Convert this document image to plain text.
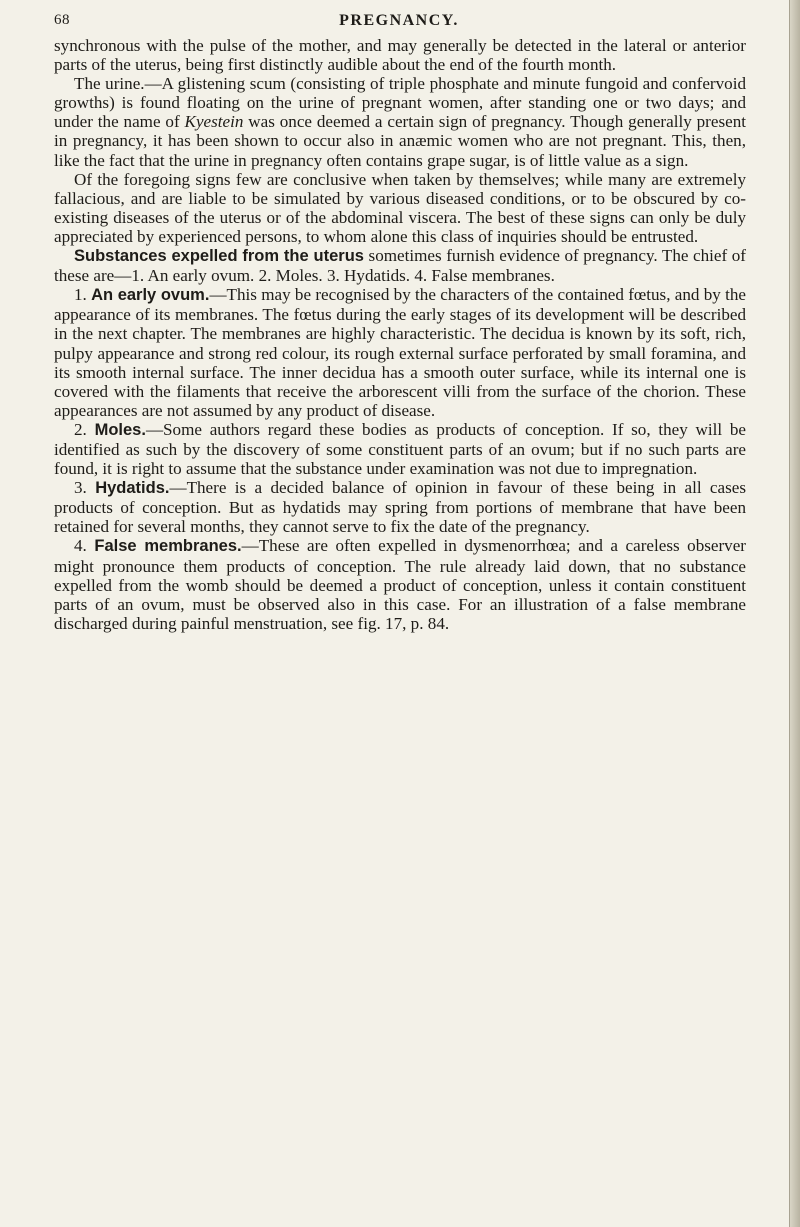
68	PREGNANCY.

synchronous with the pulse of the mother, and may generally be detected in the lateral or anterior parts of the uterus, being first distinctly audible about the end of the fourth month.

The urine.—A glistening scum (consisting of triple phosphate and minute fungoid and confervoid growths) is found floating on the urine of pregnant women, after standing one or two days; and under the name of Kyestein was once deemed a certain sign of pregnancy. Though generally present in pregnancy, it has been shown to occur also in anæmic women who are not pregnant. This, then, like the fact that the urine in pregnancy often contains grape sugar, is of little value as a sign.

Of the foregoing signs few are conclusive when taken by themselves; while many are extremely fallacious, and are liable to be simulated by various diseased conditions, or to be obscured by co-existing diseases of the uterus or of the abdominal viscera. The best of these signs can only be duly appreciated by experienced persons, to whom alone this class of inquiries should be entrusted.

Substances expelled from the uterus sometimes furnish evidence of pregnancy. The chief of these are—1. An early ovum. 2. Moles. 3. Hydatids. 4. False membranes.

1. An early ovum.—This may be recognised by the characters of the contained fœtus, and by the appearance of its membranes. The fœtus during the early stages of its development will be described in the next chapter. The membranes are highly characteristic. The decidua is known by its soft, rich, pulpy appearance and strong red colour, its rough external surface perforated by small foramina, and its smooth internal surface. The inner decidua has a smooth outer surface, while its internal one is covered with the filaments that receive the arborescent villi from the surface of the chorion. These appearances are not assumed by any product of disease.

2. Moles.—Some authors regard these bodies as products of conception. If so, they will be identified as such by the discovery of some constituent parts of an ovum; but if no such parts are found, it is right to assume that the substance under examination was not due to impregnation.

3. Hydatids.—There is a decided balance of opinion in favour of these being in all cases products of conception. But as hydatids may spring from portions of membrane that have been retained for several months, they cannot serve to fix the date of the pregnancy.

4. False membranes.—These are often expelled in dysmenorrhœa; and a careless observer might pronounce them products of conception. The rule already laid down, that no substance expelled from the womb should be deemed a product of conception, unless it contain constituent parts of an ovum, must be observed also in this case. For an illustration of a false membrane discharged during painful menstruation, see fig. 17, p. 84.
